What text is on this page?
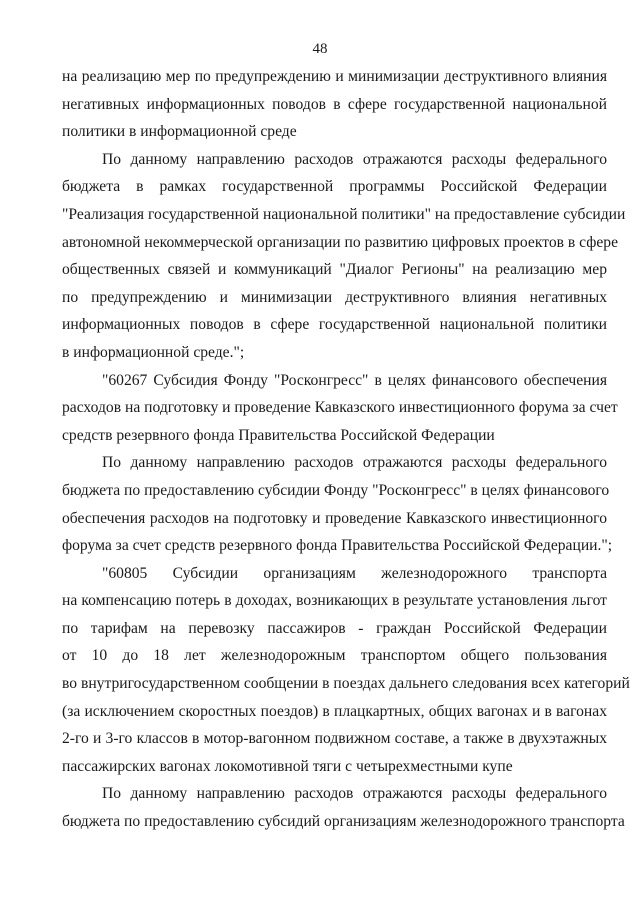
48
на реализацию мер по предупреждению и минимизации деструктивного влияния
негативных информационных поводов в сфере государственной национальной
политики в информационной среде
По данному направлению расходов отражаются расходы федерального
бюджета в рамках государственной программы Российской Федерации
"Реализация государственной национальной политики" на предоставление субсидии
автономной некоммерческой организации по развитию цифровых проектов в сфере
общественных связей и коммуникаций "Диалог Регионы" на реализацию мер
по предупреждению и минимизации деструктивного влияния негативных
информационных поводов в сфере государственной национальной политики
в информационной среде.";
"60267 Субсидия Фонду "Росконгресс" в целях финансового обеспечения
расходов на подготовку и проведение Кавказского инвестиционного форума за счет
средств резервного фонда Правительства Российской Федерации
По данному направлению расходов отражаются расходы федерального
бюджета по предоставлению субсидии Фонду "Росконгресс" в целях финансового
обеспечения расходов на подготовку и проведение Кавказского инвестиционного
форума за счет средств резервного фонда Правительства Российской Федерации.";
"60805 Субсидии организациям железнодорожного транспорта
на компенсацию потерь в доходах, возникающих в результате установления льгот
по тарифам на перевозку пассажиров - граждан Российской Федерации
от 10 до 18 лет железнодорожным транспортом общего пользования
во внутригосударственном сообщении в поездах дальнего следования всех категорий
(за исключением скоростных поездов) в плацкартных, общих вагонах и в вагонах
2-го и 3-го классов в мотор-вагонном подвижном составе, а также в двухэтажных
пассажирских вагонах локомотивной тяги с четырехместными купе
По данному направлению расходов отражаются расходы федерального
бюджета по предоставлению субсидий организациям железнодорожного транспорта
